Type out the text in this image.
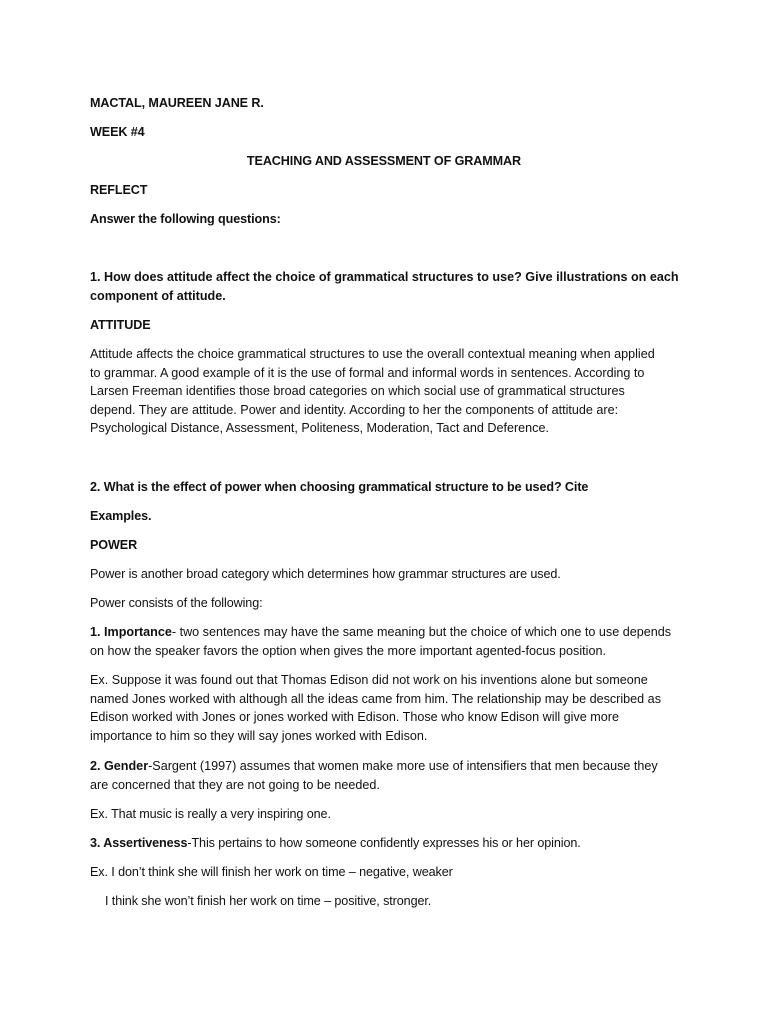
MACTAL, MAUREEN JANE R.
WEEK #4
TEACHING AND ASSESSMENT OF GRAMMAR
REFLECT
Answer the following questions:
1. How does attitude affect the choice of grammatical structures to use? Give illustrations on each
component of attitude.
ATTITUDE
Attitude affects the choice grammatical structures to use the overall contextual meaning when applied
to grammar. A good example of it is the use of formal and informal words in sentences. According to
Larsen Freeman identifies those broad categories on which social use of grammatical structures
depend. They are attitude. Power and identity. According to her the components of attitude are:
Psychological Distance, Assessment, Politeness, Moderation, Tact and Deference.
2. What is the effect of power when choosing grammatical structure to be used? Cite
Examples.
POWER
Power is another broad category which determines how grammar structures are used.
Power consists of the following:
1. Importance- two sentences may have the same meaning but the choice of which one to use depends
on how the speaker favors the option when gives the more important agented-focus position.
Ex. Suppose it was found out that Thomas Edison did not work on his inventions alone but someone
named Jones worked with although all the ideas came from him. The relationship may be described as
Edison worked with Jones or jones worked with Edison. Those who know Edison will give more
importance to him so they will say jones worked with Edison.
2. Gender-Sargent (1997) assumes that women make more use of intensifiers that men because they
are concerned that they are not going to be needed.
Ex. That music is really a very inspiring one.
3. Assertiveness-This pertains to how someone confidently expresses his or her opinion.
Ex. I don’t think she will finish her work on time – negative, weaker
I think she won’t finish her work on time – positive, stronger.
